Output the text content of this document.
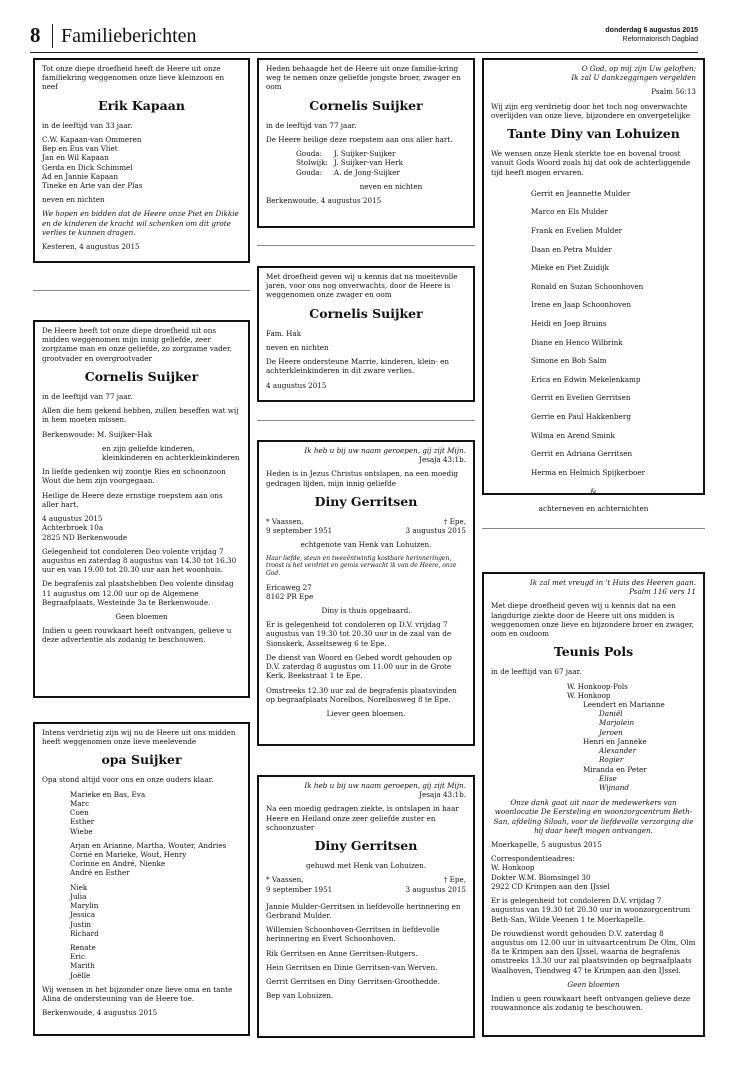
8	Familieberichten	donderdag 6 augustus 2015
Reformatorisch Dagblad

Tot onze diepe droefheid heeft de Heere uit onze familiekring weggenomen onze lieve kleinzoon en neef

Erik Kapaan

in de leeftijd van 33 jaar.

C.W. Kapaan-van Ommeren
Bep en Eus van Vliet
Jan en Wil Kapaan
Gerda en Dick Schimmel
Ad en Jannie Kapaan
Tineke en Arie van der Plas

neven en nichten

We hopen en bidden dat de Heere onze Piet en Dikkie en de kinderen de kracht wil schenken om dit grote verlies te kunnen dragen.

Kesteren, 4 augustus 2015

De Heere heeft tot onze diepe droefheid uit ons midden weggenomen mijn innig geliefde, zeer zorgzame man en onze geliefde, zo zorgzame vader, grootvader en overgrootvader

Cornelis Suijker

in de leeftijd van 77 jaar.

Allen die hem gekend hebben, zullen beseffen wat wij in hem moeten missen.

Berkenwoude: M. Suijker-Hak

en zijn geliefde kinderen,

kleinkinderen en achterkleinkinderen

In liefde gedenken wij zoontje Ries en schoonzoon Wout die hem zijn voorgegaan.

Heilige de Heere deze ernstige roepstem aan ons aller hart.

4 augustus 2015
Achterbroek 10a

2825 ND Berkenwoude

Gelegenheid tot condoleren Deo volente vrijdag 7 augustus en zaterdag 8 augustus van 14.30 tot 16.30 uur en van 19.00 tot 20.30 uur aan het woonhuis.

De begrafenis zal plaatshebben Deo volente dinsdag 11 augustus om 12.00 uur op de Algemene Begraafplaats, Westeinde 3a te Berkenwoude.

Geen bloemen

Indien u geen rouwkaart heeft ontvangen, gelieve u deze advertentie als zodanig te beschouwen.

Intens verdrietig zijn wij nu de Heere uit ons midden heeft weggenomen onze lieve meelevende

opa Suijker

Opa stond altijd voor ons en onze ouders klaar.

Marieke en Bas, Eva
Marc
Coen
Esther
Wiebe
Arjan en Arianne, Martha, Wouter, Andries
Corné en Marieke, Wout, Henry
Corinne en André, Nienke
André en Esther
Niek
Julia
Marylin
Jessica
Justin
Richard
Renate
Eric
Marith
Joëlle

Wij wensen in het bijzonder onze lieve oma en tante Alina de ondersteuning van de Heere toe.

Berkenwoude, 4 augustus 2015

Heden behaagde het de Heere uit onze familie-kring weg te nemen onze geliefde jongste broer, zwager en oom

Cornelis Suijker

in de leeftijd van 77 jaar.

De Heere heilige deze roepstem aan ons aller hart.

Gouda:	J. Suijker-Suijker
Stolwijk:	J. Suijker-van Herk
Gouda:	A. de Jong-Suijker

neven en nichten

Berkenwoude, 4 augustus 2015

Met droefheid geven wij u kennis dat na moeitevolle jaren, voor ons nog onverwachts, door de Heere is weggenomen onze zwager en oom

Cornelis Suijker

Fam. Hak

neven en nichten

De Heere ondersteune Marrie, kinderen, klein- en achterkleinkinderen in dit zware verlies.

4 augustus 2015

Ik heb u bij uw naam geroepen, gij zijt Mijn.

Jesaja 43:1b.

Heden is in Jezus Christus ontslapen, na een moedig gedragen lijden, mijn innig geliefde

Diny Gerritsen
* Vaassen,	† Epe,
9 september 1951	3 augustus 2015

echtgenote van Henk van Lohuizen.

Haar liefde, steun en tweeëntwintig kostbare herinneringen,

troost is het verdriet en gemis verwacht ik van de Heere, onze God.

Ericaweg 27

8162 PR Epe

Diny is thuis opgebaard.

Er is gelegenheid tot condoleren op D.V. vrijdag 7 augustus van 19.30 tot 20.30 uur in de zaal van de Sionskerk, Asseltseweg 6 te Epe.

De dienst van Woord en Gebed wordt gehouden op D.V. zaterdag 8 augustus om 11.00 uur in de Grote Kerk, Beekstraat 1 te Epe.

Omstreeks 12.30 uur zal de begrafenis plaatsvinden op begraafplaats Norelbos, Norelbosweg 8 te Epe.

Liever geen bloemen.

Ik heb u bij uw naam geroepen, gij zijt Mijn.

Jesaja 43:1b.

Na een moedig gedragen ziekte, is ontslapen in haar Heere en Heiland onze zeer geliefde zuster en schoonzuster

Diny Gerritsen

gehuwd met Henk van Lohuizen.

* Vaassen,	† Epe,
9 september 1951	3 augustus 2015

Jannie Mulder-Gerritsen in liefdevolle herinnering en Gerbrand Mulder.

Willemien Schoonhoven-Gerritsen in liefdevolle herinnering en Evert Schoonhoven.

Rik Gerritsen en Anne Gerritsen-Rutgers.

Hein Gerritsen en Dinie Gerritsen-van Werven.

Gerrit Gerritsen en Diny Gerritsen-Groothedde.

Bep van Lohuizen.

O God, op mij zijn Uw geloften;
Ik zal U dankzeggingen vergelden

Psalm 56:13

Wij zijn erg verdrietig door het toch nog onverwachte overlijden van onze lieve, bijzondere en onvergetelijke

Tante Diny van Lohuizen

We wensen onze Henk sterkte toe en bovenal troost vanuit Gods Woord zoals hij dat ook de achterliggende tijd heeft mogen ervaren.

Gerrit en Jeannette Mulder
Marco en Els Mulder
Frank en Evelien Mulder
Daan en Petra Mulder
Mieke en Piet Zuidijk
Ronald en Suzan Schoonhoven
Irene en Jaap Schoonhoven
Heidi en Joep Bruins
Diane en Henco Wilbrink
Simone en Bob Salm
Erica en Edwin Mekelenkamp
Gerrit en Evelien Gerritsen
Gerrie en Paul Hakkenberg
Wilma en Arend Smink
Gerrit en Adriana Gerritsen
Herma en Helmich Spijkerboer

&

achterneven en achternichten

Ik zal met vreugd in 't Huis des Heeren gaan.

Psalm 116 vers 11

Met diepe droefheid geven wij u kennis dat na een langdurige ziekte door de Heere uit ons midden is weggenomen onze lieve en bijzondere broer en zwager, oom en oudoom

Teunis Pols

in de leeftijd van 67 jaar.

W. Honkoop-Pols
W. Honkoop
Leendert en Marianne
Daniël
Marjolein
Jeroen
Henri en Janneke
Alexander
Rogier
Miranda en Peter
Elise
Wijnand

Onze dank gaat uit naar de medewerkers van woonlocatie De Eersteling en woonzorgcentrum Beth-San, afdeling Siloah, voor de liefdevolle verzorging die hij daar heeft mogen ontvangen.

Moerkapelle, 5 augustus 2015

Correspondentieadres:
W. Honkoop
Dokter W.M. Blomsingel 30

2922 CD Krimpen aan den IJssel

Er is gelegenheid tot condoleren D.V. vrijdag 7 augustus van 19.30 tot 20.30 uur in woonzorgcentrum Beth-San, Wilde Veenen 1 te Moerkapelle.

De rouwdienst wordt gehouden D.V. zaterdag 8 augustus om 12.00 uur in uitvaartcentrum De Olm, Olm 8a te Krimpen aan den IJssel, waarna de begrafenis omstreeks 13.30 uur zal plaatsvinden op begraafplaats Waalhoven, Tiendweg 47 te Krimpen aan den IJssel.

Geen bloemen

Indien u geen rouwkaart heeft ontvangen gelieve deze rouwannonce als zodanig te beschouwen.
